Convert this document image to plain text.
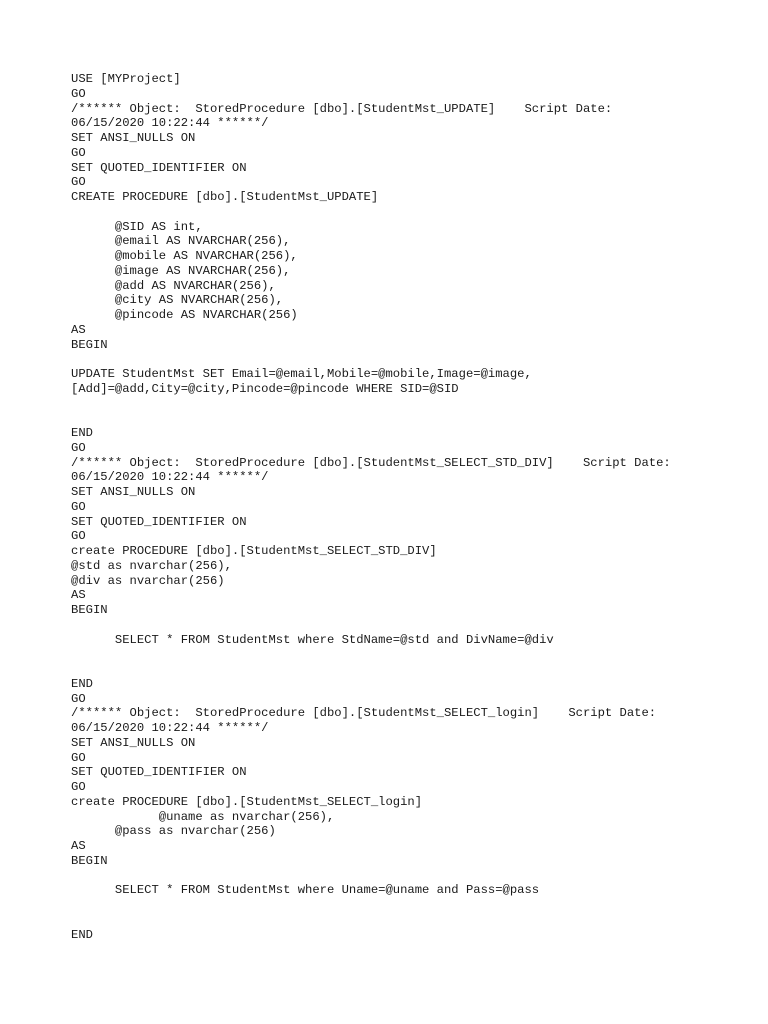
USE [MYProject]
GO
/****** Object:  StoredProcedure [dbo].[StudentMst_UPDATE]    Script Date:
06/15/2020 10:22:44 ******/
SET ANSI_NULLS ON
GO
SET QUOTED_IDENTIFIER ON
GO
CREATE PROCEDURE [dbo].[StudentMst_UPDATE]
@SID AS int,
@email AS NVARCHAR(256),
@mobile AS NVARCHAR(256),
@image AS NVARCHAR(256),
@add AS NVARCHAR(256),
@city AS NVARCHAR(256),
@pincode AS NVARCHAR(256)
AS
BEGIN
UPDATE StudentMst SET Email=@email,Mobile=@mobile,Image=@image,
[Add]=@add,City=@city,Pincode=@pincode WHERE SID=@SID
END
GO
/****** Object:  StoredProcedure [dbo].[StudentMst_SELECT_STD_DIV]    Script Date:
06/15/2020 10:22:44 ******/
SET ANSI_NULLS ON
GO
SET QUOTED_IDENTIFIER ON
GO
create PROCEDURE [dbo].[StudentMst_SELECT_STD_DIV]
@std as nvarchar(256),
@div as nvarchar(256)
AS
BEGIN
SELECT * FROM StudentMst where StdName=@std and DivName=@div
END
GO
/****** Object:  StoredProcedure [dbo].[StudentMst_SELECT_login]    Script Date:
06/15/2020 10:22:44 ******/
SET ANSI_NULLS ON
GO
SET QUOTED_IDENTIFIER ON
GO
create PROCEDURE [dbo].[StudentMst_SELECT_login]
@uname as nvarchar(256),
@pass as nvarchar(256)
AS
BEGIN
SELECT * FROM StudentMst where Uname=@uname and Pass=@pass
END
